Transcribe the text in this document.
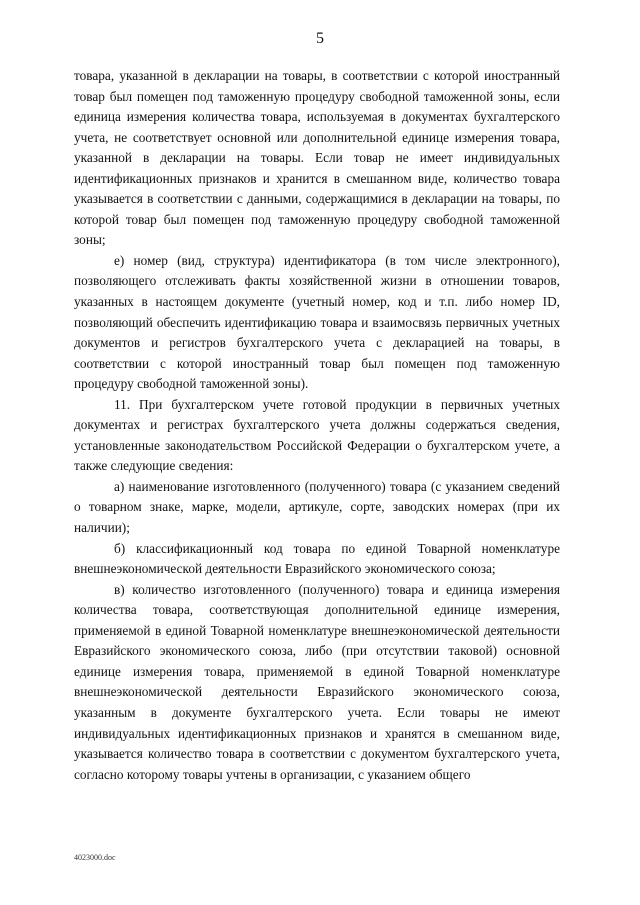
5

товара, указанной в декларации на товары, в соответствии с которой иностранный товар был помещен под таможенную процедуру свободной таможенной зоны, если единица измерения количества товара, используемая в документах бухгалтерского учета, не соответствует основной или дополнительной единице измерения товара, указанной в декларации на товары. Если товар не имеет индивидуальных идентификационных признаков и хранится в смешанном виде, количество товара указывается в соответствии с данными, содержащимися в декларации на товары, по которой товар был помещен под таможенную процедуру свободной таможенной зоны;

е) номер (вид, структура) идентификатора (в том числе электронного), позволяющего отслеживать факты хозяйственной жизни в отношении товаров, указанных в настоящем документе (учетный номер, код и т.п. либо номер ID, позволяющий обеспечить идентификацию товара и взаимосвязь первичных учетных документов и регистров бухгалтерского учета с декларацией на товары, в соответствии с которой иностранный товар был помещен под таможенную процедуру свободной таможенной зоны).

11. При бухгалтерском учете готовой продукции в первичных учетных документах и регистрах бухгалтерского учета должны содержаться сведения, установленные законодательством Российской Федерации о бухгалтерском учете, а также следующие сведения:

а) наименование изготовленного (полученного) товара (с указанием сведений о товарном знаке, марке, модели, артикуле, сорте, заводских номерах (при их наличии);

б) классификационный код товара по единой Товарной номенклатуре внешнеэкономической деятельности Евразийского экономического союза;

в) количество изготовленного (полученного) товара и единица измерения количества товара, соответствующая дополнительной единице измерения, применяемой в единой Товарной номенклатуре внешнеэкономической деятельности Евразийского экономического союза, либо (при отсутствии таковой) основной единице измерения товара, применяемой в единой Товарной номенклатуре внешнеэкономической деятельности Евразийского экономического союза, указанным в документе бухгалтерского учета. Если товары не имеют индивидуальных идентификационных признаков и хранятся в смешанном виде, указывается количество товара в соответствии с документом бухгалтерского учета, согласно которому товары учтены в организации, с указанием общего

4023000.doc
